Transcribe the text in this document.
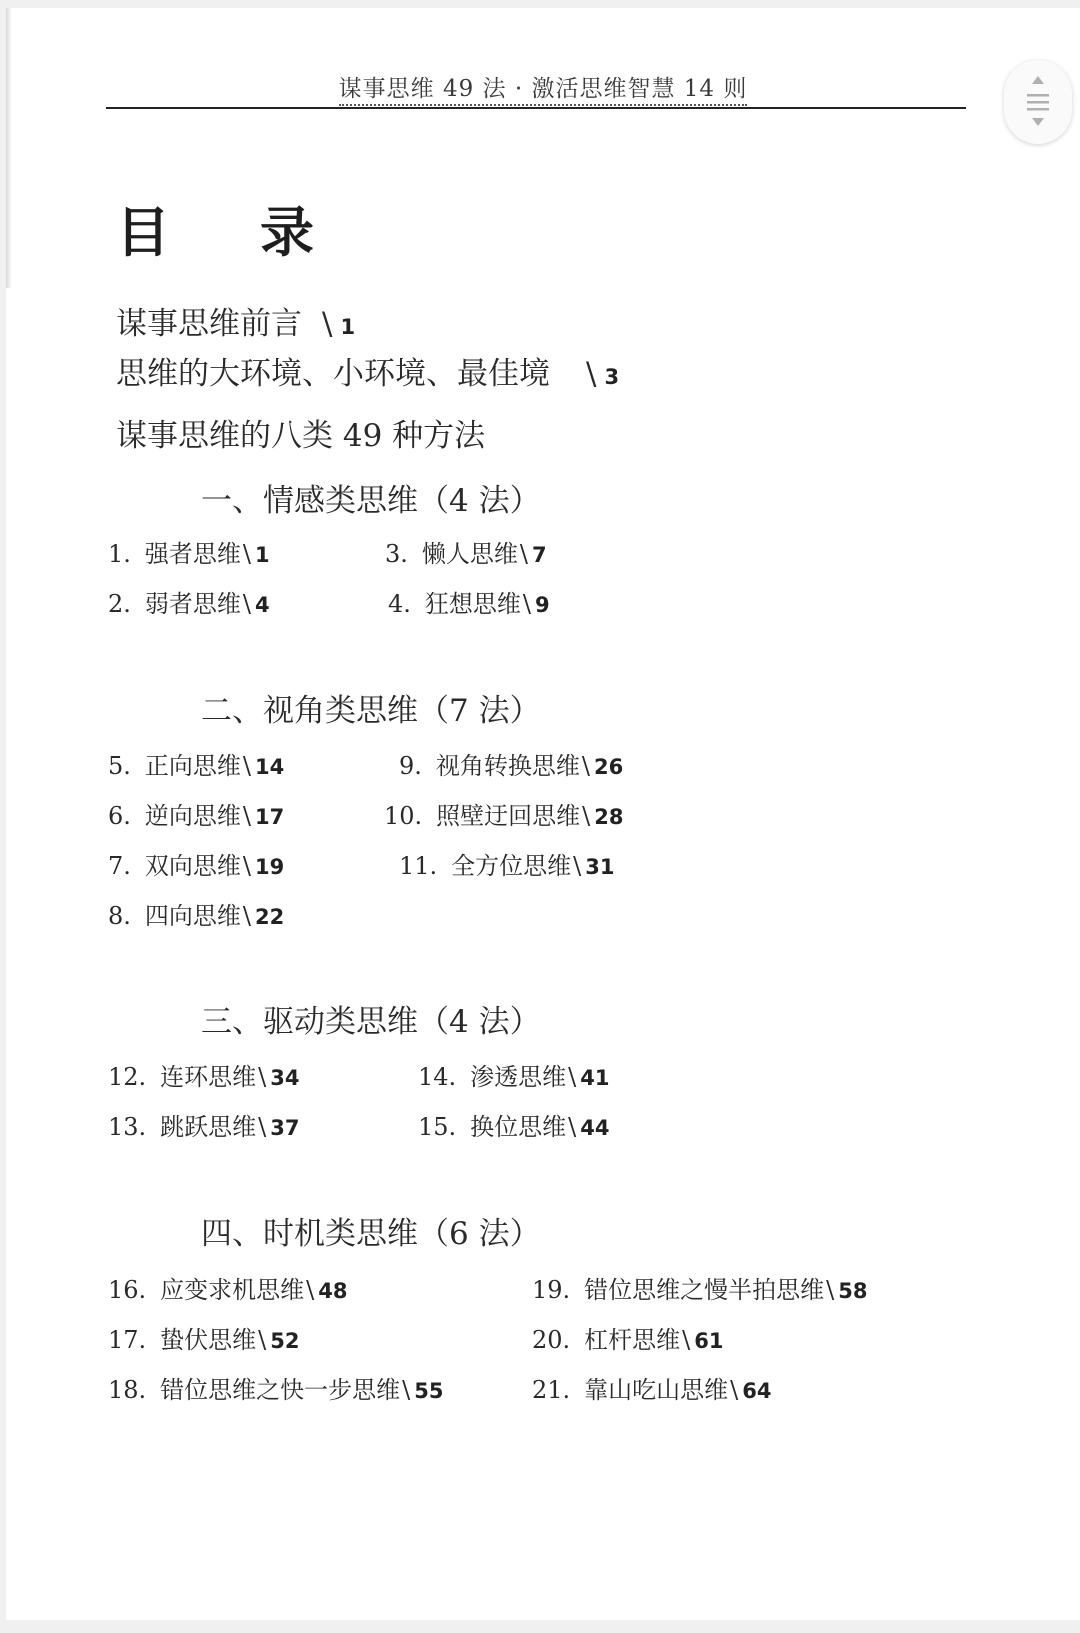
谋事思维 49 法 · 激活思维智慧 14 则
目录
谋事思维前言 \ 1
思维的大环境、小环境、最佳境 \ 3
谋事思维的八类 49 种方法
一、情感类思维（4 法）
1. 强者思维\ 1
2. 弱者思维\ 4
3. 懒人思维\ 7
4. 狂想思维\ 9
二、视角类思维（7 法）
5. 正向思维\ 14
6. 逆向思维\ 17
7. 双向思维\ 19
8. 四向思维\ 22
9. 视角转换思维\ 26
10. 照壁迂回思维\ 28
11. 全方位思维\ 31
三、驱动类思维（4 法）
12. 连环思维\ 34
13. 跳跃思维\ 37
14. 渗透思维\ 41
15. 换位思维\ 44
四、时机类思维（6 法）
16. 应变求机思维\ 48
17. 蛰伏思维\ 52
18. 错位思维之快一步思维\ 55
19. 错位思维之慢半拍思维\ 58
20. 杠杆思维\ 61
21. 靠山吃山思维\ 64
